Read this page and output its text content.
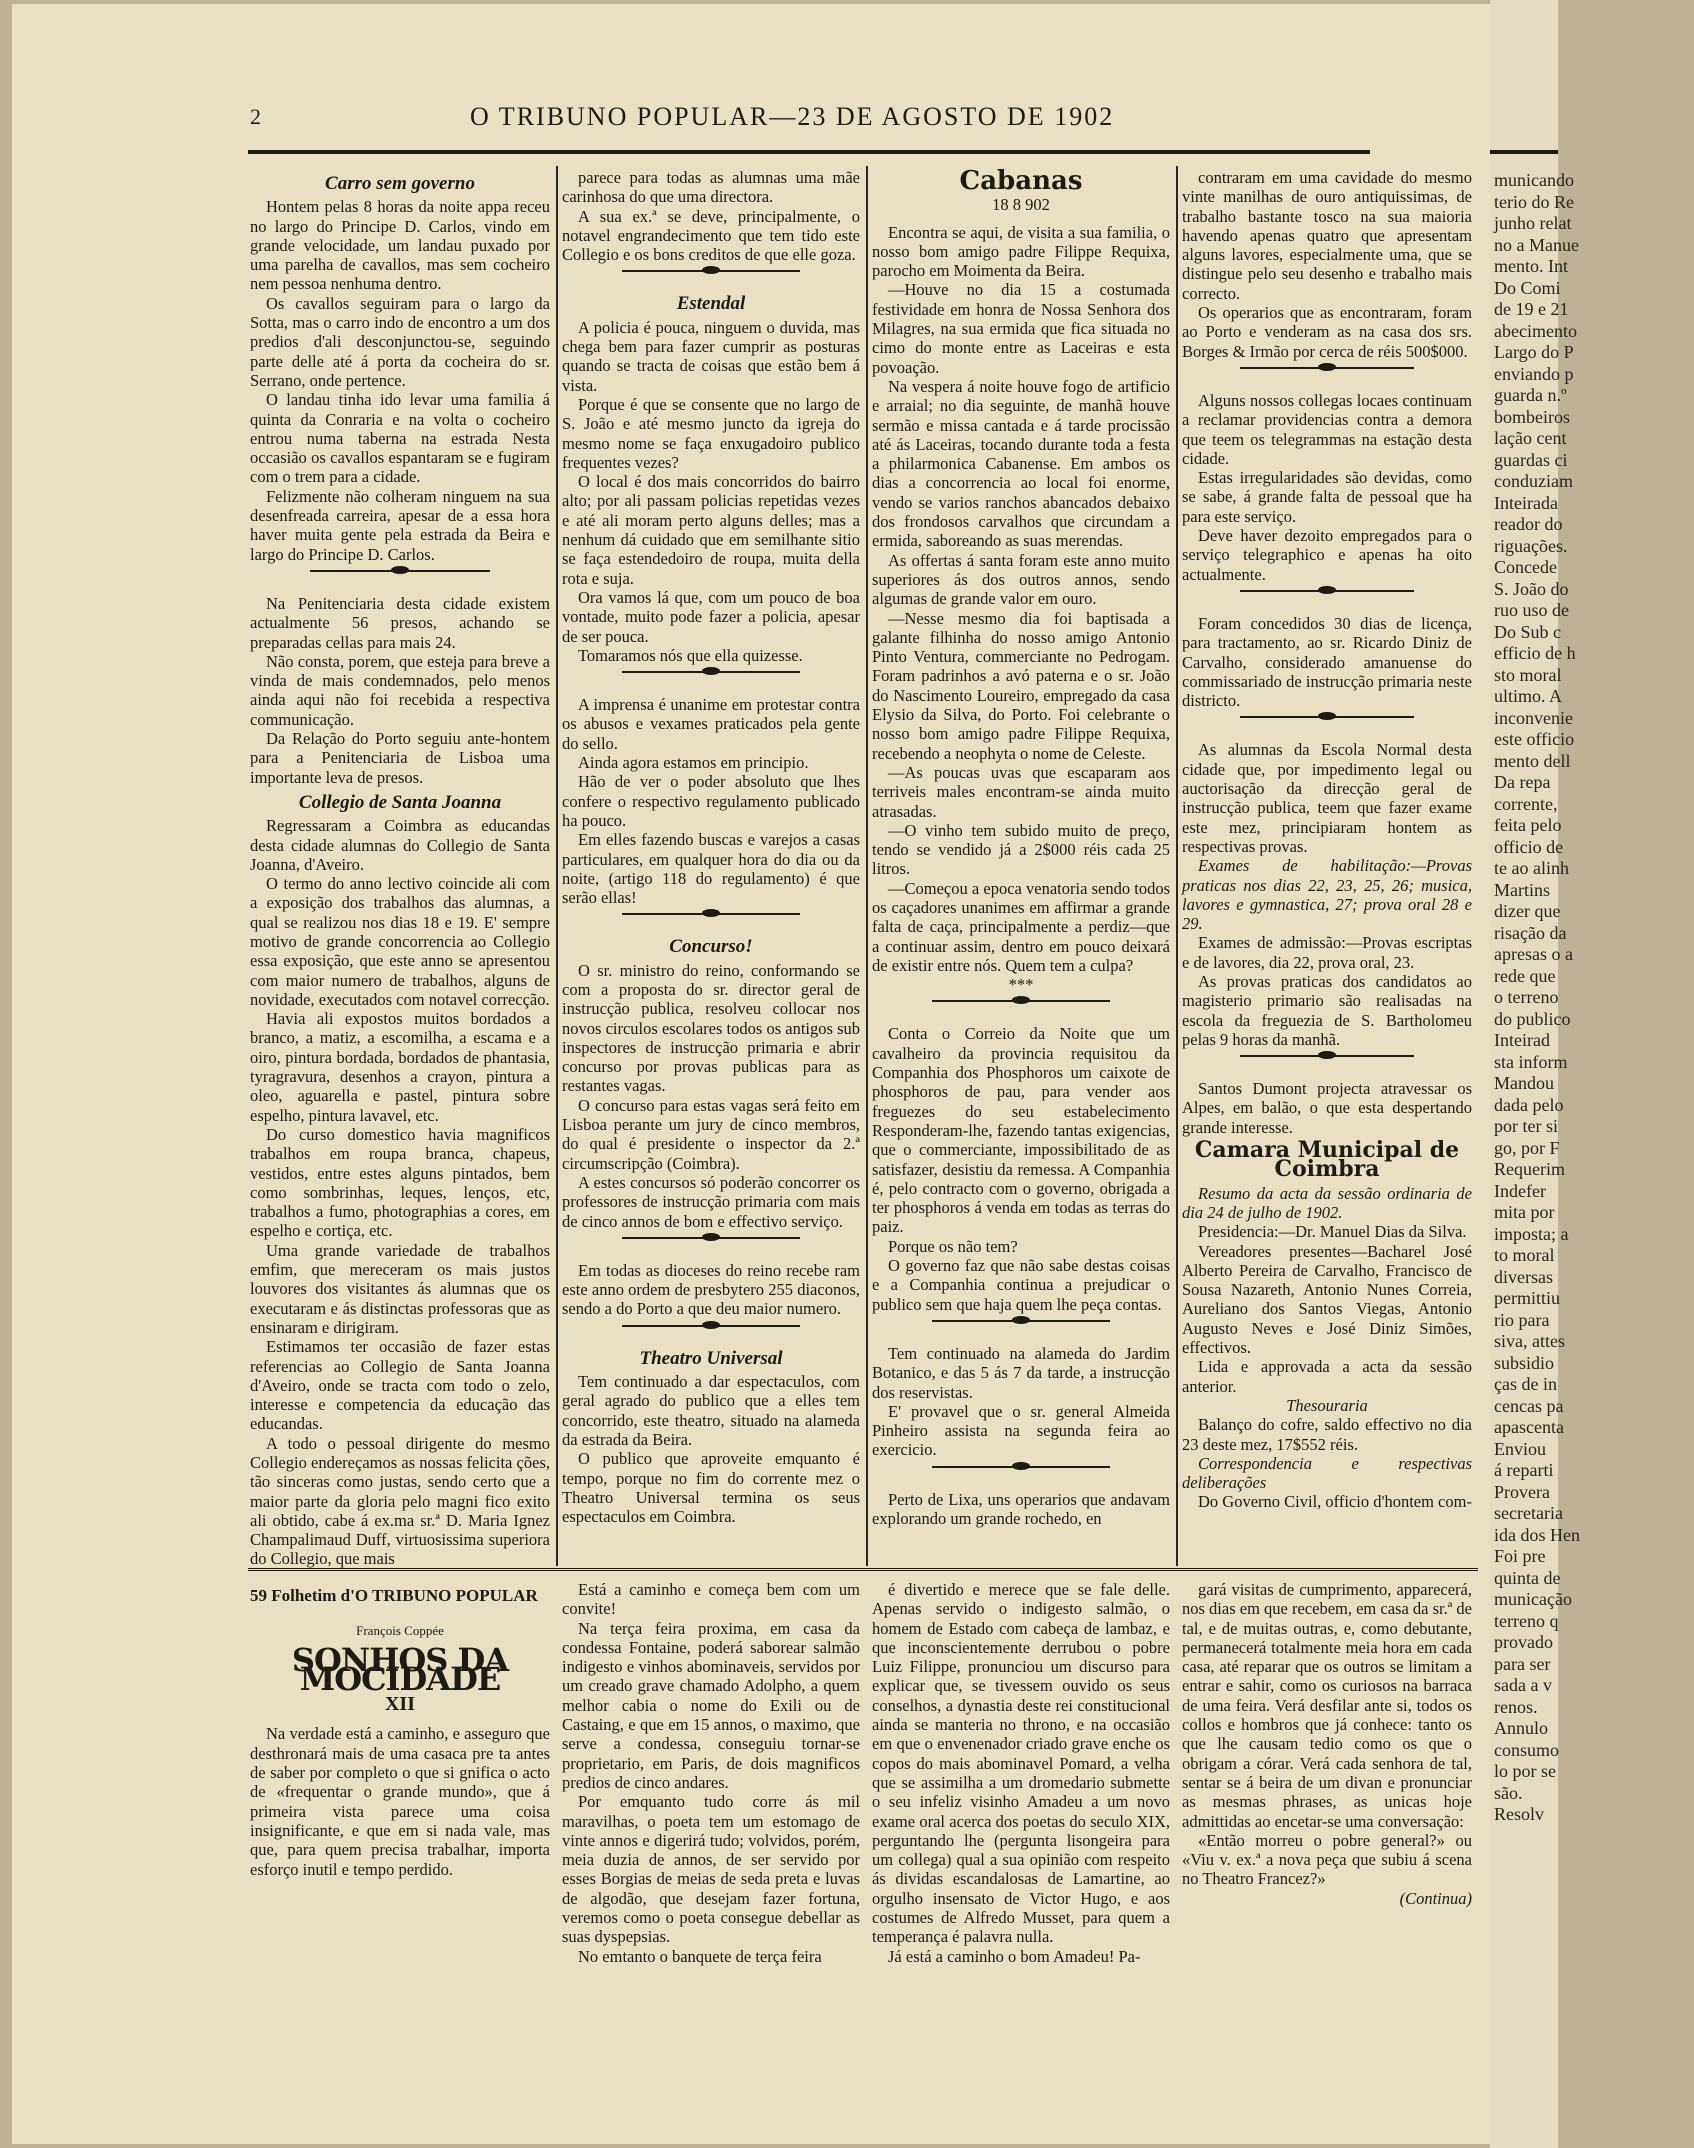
2	O TRIBUNO POPULAR—23 DE AGOSTO DE 1902
Carro sem governo

Hontem pelas 8 horas da noite appa receu no largo do Principe D. Carlos, vindo em grande velocidade, um landau puxado por uma parelha de cavallos, mas sem cocheiro nem pessoa nenhuma dentro.

Os cavallos seguiram para o largo da Sotta, mas o carro indo de encontro a um dos predios d'ali desconjunctou-se, seguindo parte delle até á porta da cocheira do sr. Serrano, onde pertence.

O landau tinha ido levar uma familia á quinta da Conraria e na volta o cocheiro entrou numa taberna na estrada Nesta occasião os cavallos espantaram se e fugiram com o trem para a cidade.

Felizmente não colheram ninguem na sua desenfreada carreira, apesar de a essa hora haver muita gente pela estrada da Beira e largo do Principe D. Carlos.

Na Penitenciaria desta cidade existem actualmente 56 presos, achando se preparadas cellas para mais 24.

Não consta, porem, que esteja para breve a vinda de mais condemnados, pelo menos ainda aqui não foi recebida a respectiva communicação.

Da Relação do Porto seguiu ante-hontem para a Penitenciaria de Lisboa uma importante leva de presos.

Collegio de Santa Joanna

Regressaram a Coimbra as educandas desta cidade alumnas do Collegio de Santa Joanna, d'Aveiro.

O termo do anno lectivo coincide ali com a exposição dos trabalhos das alumnas, a qual se realizou nos dias 18 e 19. E' sempre motivo de grande concorrencia ao Collegio essa exposição, que este anno se apresentou com maior numero de trabalhos, alguns de novidade, executados com notavel correcção.

Havia ali expostos muitos bordados a branco, a matiz, a escomilha, a escama e a oiro, pintura bordada, bordados de phantasia, tyragravura, desenhos a crayon, pintura a oleo, aguarella e pastel, pintura sobre espelho, pintura lavavel, etc.

Do curso domestico havia magnificos trabalhos em roupa branca, chapeus, vestidos, entre estes alguns pintados, bem como sombrinhas, leques, lenços, etc, trabalhos a fumo, photographias a cores, em espelho e cortiça, etc.

Uma grande variedade de trabalhos emfim, que mereceram os mais justos louvores dos visitantes ás alumnas que os executaram e ás distinctas professoras que as ensinaram e dirigiram.

Estimamos ter occasião de fazer estas referencias ao Collegio de Santa Joanna d'Aveiro, onde se tracta com todo o zelo, interesse e competencia da educação das educandas.

A todo o pessoal dirigente do mesmo Collegio endereçamos as nossas felicita ções, tão sinceras como justas, sendo certo que a maior parte da gloria pelo magni fico exito ali obtido, cabe á ex.ma sr.ª D. Maria Ignez Champalimaud Duff, virtuosissima superiora do Collegio, que mais

parece para todas as alumnas uma mãe carinhosa do que uma directora.

A sua ex.ª se deve, principalmente, o notavel engrandecimento que tem tido este Collegio e os bons creditos de que elle goza.

Estendal

A policia é pouca, ninguem o duvida, mas chega bem para fazer cumprir as posturas quando se tracta de coisas que estão bem á vista.

Porque é que se consente que no largo de S. João e até mesmo juncto da igreja do mesmo nome se faça enxugadoiro publico frequentes vezes?

O local é dos mais concorridos do bairro alto; por ali passam policias repetidas vezes e até ali moram perto alguns delles; mas a nenhum dá cuidado que em semilhante sitio se faça estendedoiro de roupa, muita della rota e suja.

Ora vamos lá que, com um pouco de boa vontade, muito pode fazer a policia, apesar de ser pouca.

Tomaramos nós que ella quizesse.

A imprensa é unanime em protestar contra os abusos e vexames praticados pela gente do sello.

Ainda agora estamos em principio.

Hão de ver o poder absoluto que lhes confere o respectivo regulamento publicado ha pouco.

Em elles fazendo buscas e varejos a casas particulares, em qualquer hora do dia ou da noite, (artigo 118 do regulamento) é que serão ellas!

Concurso!

O sr. ministro do reino, conformando se com a proposta do sr. director geral de instrucção publica, resolveu collocar nos novos circulos escolares todos os antigos sub inspectores de instrucção primaria e abrir concurso por provas publicas para as restantes vagas.

O concurso para estas vagas será feito em Lisboa perante um jury de cinco membros, do qual é presidente o inspector da 2.ª circumscripção (Coimbra).

A estes concursos só poderão concorrer os professores de instrucção primaria com mais de cinco annos de bom e effectivo serviço.

Em todas as dioceses do reino recebe ram este anno ordem de presbytero 255 diaconos, sendo a do Porto a que deu maior numero.

Theatro Universal

Tem continuado a dar espectaculos, com geral agrado do publico que a elles tem concorrido, este theatro, situado na alameda da estrada da Beira.

O publico que aproveite emquanto é tempo, porque no fim do corrente mez o Theatro Universal termina os seus espectaculos em Coimbra.

Cabanas

18 8 902

Encontra se aqui, de visita a sua familia, o nosso bom amigo padre Filippe Requixa, parocho em Moimenta da Beira.

—Houve no dia 15 a costumada festividade em honra de Nossa Senhora dos Milagres, na sua ermida que fica situada no cimo do monte entre as Laceiras e esta povoação.

Na vespera á noite houve fogo de artificio e arraial; no dia seguinte, de manhã houve sermão e missa cantada e á tarde procissão até ás Laceiras, tocando durante toda a festa a philarmonica Cabanense. Em ambos os dias a concorrencia ao local foi enorme, vendo se varios ranchos abancados debaixo dos frondosos carvalhos que circundam a ermida, saboreando as suas merendas.

As offertas á santa foram este anno muito superiores ás dos outros annos, sendo algumas de grande valor em ouro.

—Nesse mesmo dia foi baptisada a galante filhinha do nosso amigo Antonio Pinto Ventura, commerciante no Pedrogam. Foram padrinhos a avó paterna e o sr. João do Nascimento Loureiro, empregado da casa Elysio da Silva, do Porto. Foi celebrante o nosso bom amigo padre Filippe Requixa, recebendo a neophyta o nome de Celeste.

—As poucas uvas que escaparam aos terriveis males encontram-se ainda muito atrasadas.

—O vinho tem subido muito de preço, tendo se vendido já a 2$000 réis cada 25 litros.

—Começou a epoca venatoria sendo todos os caçadores unanimes em affirmar a grande falta de caça, principalmente a perdiz—que a continuar assim, dentro em pouco deixará de existir entre nós. Quem tem a culpa?

***

Conta o Correio da Noite que um cavalheiro da provincia requisitou da Companhia dos Phosphoros um caixote de phosphoros de pau, para vender aos freguezes do seu estabelecimento Responderam-lhe, fazendo tantas exigencias, que o commerciante, impossibilitado de as satisfazer, desistiu da remessa. A Companhia é, pelo contracto com o governo, obrigada a ter phosphoros á venda em todas as terras do paiz.

Porque os não tem?

O governo faz que não sabe destas coisas e a Companhia continua a prejudicar o publico sem que haja quem lhe peça contas.

Tem continuado na alameda do Jardim Botanico, e das 5 ás 7 da tarde, a instrucção dos reservistas.

E' provavel que o sr. general Almeida Pinheiro assista na segunda feira ao exercicio.

Perto de Lixa, uns operarios que andavam explorando um grande rochedo, en

contraram em uma cavidade do mesmo vinte manilhas de ouro antiquissimas, de trabalho bastante tosco na sua maioria havendo apenas quatro que apresentam alguns lavores, especialmente uma, que se distingue pelo seu desenho e trabalho mais correcto.

Os operarios que as encontraram, foram ao Porto e venderam as na casa dos srs. Borges & Irmão por cerca de réis 500$000.

Alguns nossos collegas locaes continuam a reclamar providencias contra a demora que teem os telegrammas na estação desta cidade.

Estas irregularidades são devidas, como se sabe, á grande falta de pessoal que ha para este serviço.

Deve haver dezoito empregados para o serviço telegraphico e apenas ha oito actualmente.

Foram concedidos 30 dias de licença, para tractamento, ao sr. Ricardo Diniz de Carvalho, considerado amanuense do commissariado de instrucção primaria neste districto.

As alumnas da Escola Normal desta cidade que, por impedimento legal ou auctorisação da direcção geral de instrucção publica, teem que fazer exame este mez, principiaram hontem as respectivas provas.

Exames de habilitação:—Provas praticas nos dias 22, 23, 25, 26; musica, lavores e gymnastica, 27; prova oral 28 e 29.

Exames de admissão:—Provas escriptas e de lavores, dia 22, prova oral, 23.

As provas praticas dos candidatos ao magisterio primario são realisadas na escola da freguezia de S. Bartholomeu pelas 9 horas da manhã.

Santos Dumont projecta atravessar os Alpes, em balão, o que esta despertando grande interesse.

Camara Municipal de Coimbra

Resumo da acta da sessão ordinaria de dia 24 de julho de 1902.

Presidencia:—Dr. Manuel Dias da Silva.

Vereadores presentes—Bacharel José Alberto Pereira de Carvalho, Francisco de Sousa Nazareth, Antonio Nunes Correia, Aureliano dos Santos Viegas, Antonio Augusto Neves e José Diniz Simões, effectivos.

Lida e approvada a acta da sessão anterior.

Thesouraria

Balanço do cofre, saldo effectivo no dia 23 deste mez, 17$552 réis.

Correspondencia e respectivas deliberações

Do Governo Civil, officio d'hontem com-

59 Folhetim d'O TRIBUNO POPULAR

François Coppée

SONHOS DA MOCIDADE

XII

Na verdade está a caminho, e asseguro que desthronará mais de uma casaca pre ta antes de saber por completo o que si gnifica o acto de «frequentar o grande mundo», que á primeira vista parece uma coisa insignificante, e que em si nada vale, mas que, para quem precisa trabalhar, importa esforço inutil e tempo perdido.

Está a caminho e começa bem com um convite!

Na terça feira proxima, em casa da condessa Fontaine, poderá saborear salmão indigesto e vinhos abominaveis, servidos por um creado grave chamado Adolpho, a quem melhor cabia o nome do Exili ou de Castaing, e que em 15 annos, o maximo, que serve a condessa, conseguiu tornar-se proprietario, em Paris, de dois magnificos predios de cinco andares.

Por emquanto tudo corre ás mil maravilhas, o poeta tem um estomago de vinte annos e digerirá tudo; volvidos, porém, meia duzia de annos, de ser servido por esses Borgias de meias de seda preta e luvas de algodão, que desejam fazer fortuna, veremos como o poeta consegue debellar as suas dyspepsias.

No emtanto o banquete de terça feira

é divertido e merece que se fale delle. Apenas servido o indigesto salmão, o homem de Estado com cabeça de lambaz, e que inconscientemente derrubou o pobre Luiz Filippe, pronunciou um discurso para explicar que, se tivessem ouvido os seus conselhos, a dynastia deste rei constitucional ainda se manteria no throno, e na occasião em que o envenenador criado grave enche os copos do mais abominavel Pomard, a velha que se assimilha a um dromedario submette o seu infeliz visinho Amadeu a um novo exame oral acerca dos poetas do seculo XIX, perguntando lhe (pergunta lisongeira para um collega) qual a sua opinião com respeito ás dividas escandalosas de Lamartine, ao orgulho insensato de Victor Hugo, e aos costumes de Alfredo Musset, para quem a temperança é palavra nulla.

Já está a caminho o bom Amadeu! Pa-

gará visitas de cumprimento, apparecerá, nos dias em que recebem, em casa da sr.ª de tal, e de muitas outras, e, como debutante, permanecerá totalmente meia hora em cada casa, até reparar que os outros se limitam a entrar e sahir, como os curiosos na barraca de uma feira. Verá desfilar ante si, todos os collos e hombros que já conhece: tanto os que lhe causam tedio como os que o obrigam a córar. Verá cada senhora de tal, sentar se á beira de um divan e pronunciar as mesmas phrases, as unicas hoje admittidas ao encetar-se uma conversação:

«Então morreu o pobre general?» ou «Viu v. ex.ª a nova peça que subiu á scena no Theatro Francez?»

(Continua)

municando

terio do Re

junho relat

no a Manue

mento. Int

Do Comi

de 19 e 21

abecimento

Largo do P

enviando p

guarda n.º

bombeiros

lação cent

guardas ci

conduziam

Inteirada

reador do

riguações.

Concede

S. João do

ruo uso de

Do Sub c

efficio de h

sto moral

ultimo. A

inconvenie

este officio

mento dell

Da repa

corrente,

feita pelo

officio de

te ao alinh

Martins

dizer que

risação da

apresas o a

rede que

o terreno

do publico

Inteirad

sta inform

Mandou

dada pelo

por ter si

go, por F

Requerim

Indefer

mita por

imposta; a

to moral

diversas

permittiu

rio para

siva, attes

subsidio

ças de in

cencas pa

apascenta

Enviou

á reparti

Provera

secretaria

ida dos Hen

Foi pre

quinta de

municação

terreno q

provado

para ser

sada a v

renos.

Annulo

consumo

lo por se

são.

Resolv
